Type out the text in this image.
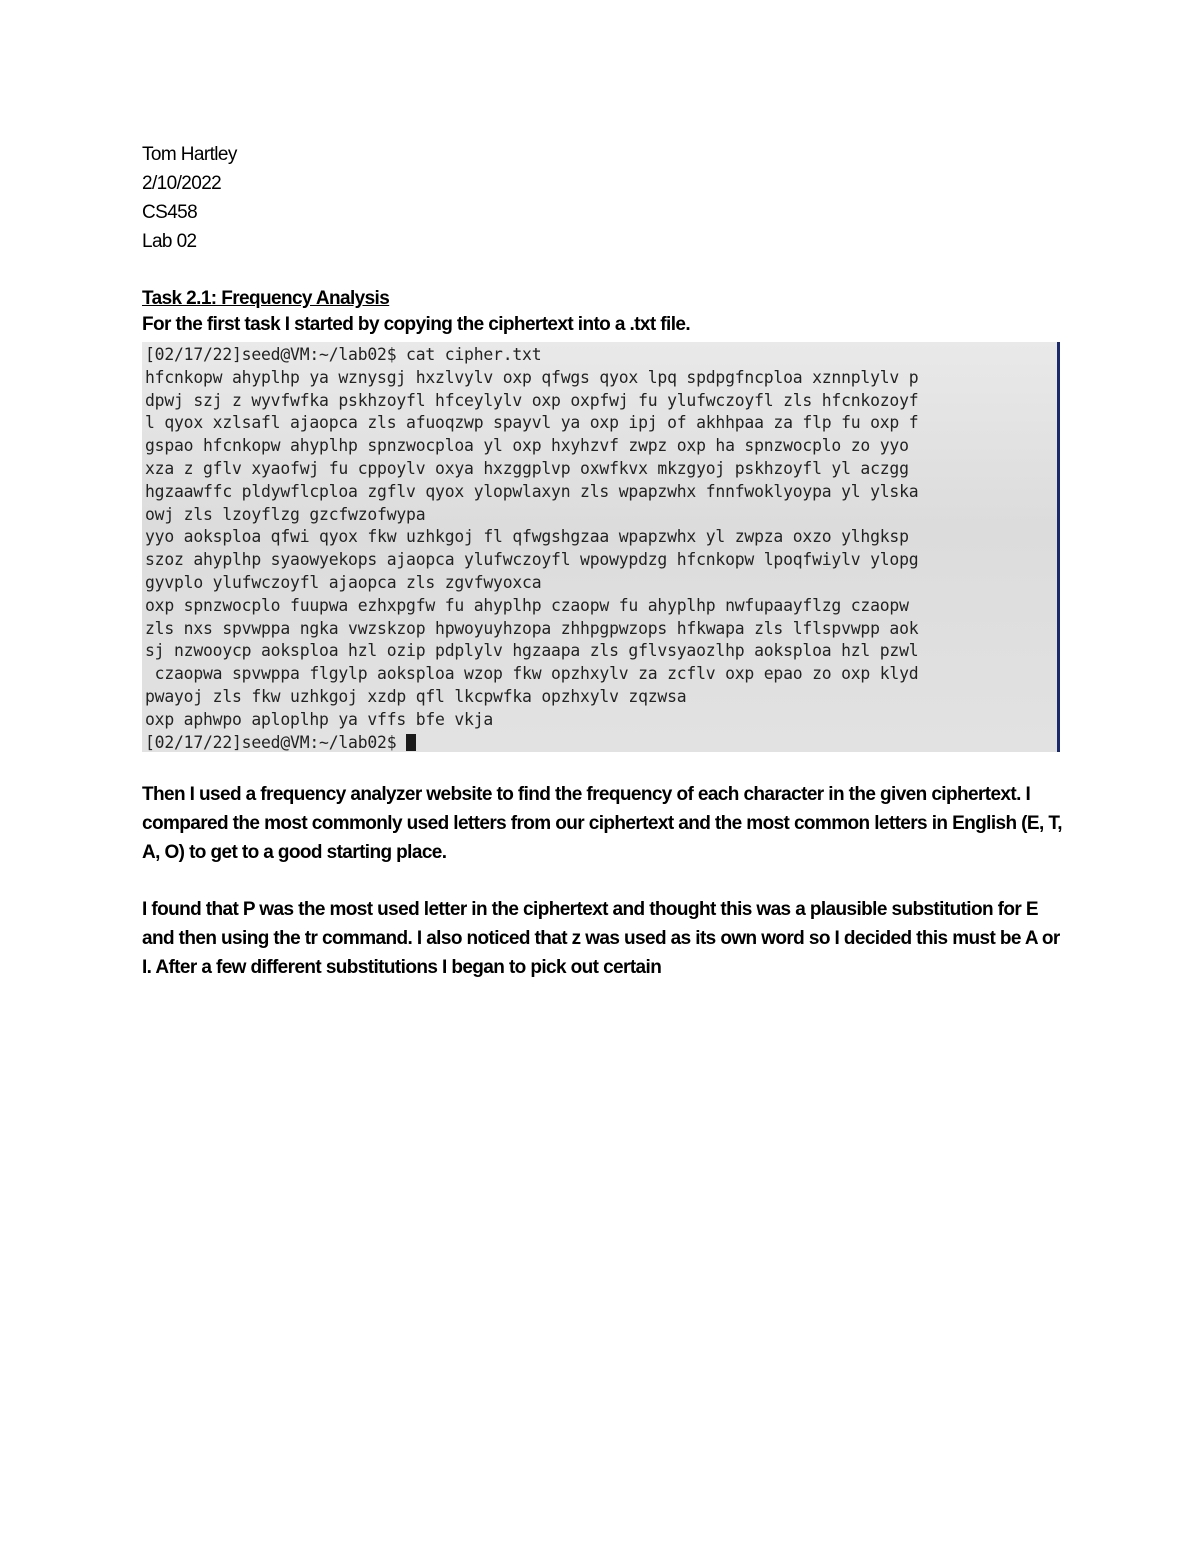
Tom Hartley
2/10/2022
CS458
Lab 02
Task 2.1: Frequency Analysis
For the first task I started by copying the ciphertext into a .txt file.
[02/17/22]seed@VM:~/lab02$ cat cipher.txt
hfcnkopw ahyplhp ya wznysgj hxzlvylv oxp qfwgs qyox lpq spdpgfncploa xznnplylv p
dpwj szj z wyvfwfka pskhzoyfl hfceylylv oxp oxpfwj fu ylufwczoyfl zls hfcnkozoyf
l qyox xzlsafl ajaopca zls afuoqzwp spayvl ya oxp ipj of akhhpaa za flp fu oxp f
gspao hfcnkopw ahyplhp spnzwocploa yl oxp hxyhzvf zwpz oxp ha spnzwocplo zo yyo
xza z gflv xyaofwj fu cppoylv oxya hxzggplvp oxwfkvx mkzgyoj pskhzoyfl yl aczgg
hgzaawffc pldywflcploa zgflv qyox ylopwlaxyn zls wpapzwhx fnnfwoklyoypa yl ylska
owj zls lzoyflzg gzcfwzofwypa
yyo aoksploa qfwi qyox fkw uzhkgoj fl qfwgshgzaa wpapzwhx yl zwpza oxzo ylhgksp
szoz ahyplhp syaowyekops ajaopca ylufwczoyfl wpowypdzg hfcnkopw lpoqfwiylv ylopg
gyvplo ylufwczoyfl ajaopca zls zgvfwyoxca
oxp spnzwocplo fuupwa ezhxpgfw fu ahyplhp czaopw fu ahyplhp nwfupaayflzg czaopw
zls nxs spvwppa ngka vwzskzop hpwoyuyhzopa zhhpgpwzops hfkwapa zls lflspvwpp aok
sj nzwooycp aoksploa hzl ozip pdplylv hgzaapa zls gflvsyaozlhp aoksploa hzl pzwl
czaopwa spvwppa flgylp aoksploa wzop fkw opzhxylv za zcflv oxp epao zo oxp klyd
pwayoj zls fkw uzhkgoj xzdp qfl lkcpwfka opzhxylv zqzwsa
oxp aphwpo aploplhp ya vffs bfe vkja
[02/17/22]seed@VM:~/lab02$
Then I used a frequency analyzer website to find the frequency of each character in the given ciphertext. I compared the most commonly used letters from our ciphertext and the most common letters in English (E, T, A, O) to get to a good starting place.
I found that P was the most used letter in the ciphertext and thought this was a plausible substitution for E and then using the tr command. I also noticed that z was used as its own word so I decided this must be A or I. After a few different substitutions I began to pick out certain
